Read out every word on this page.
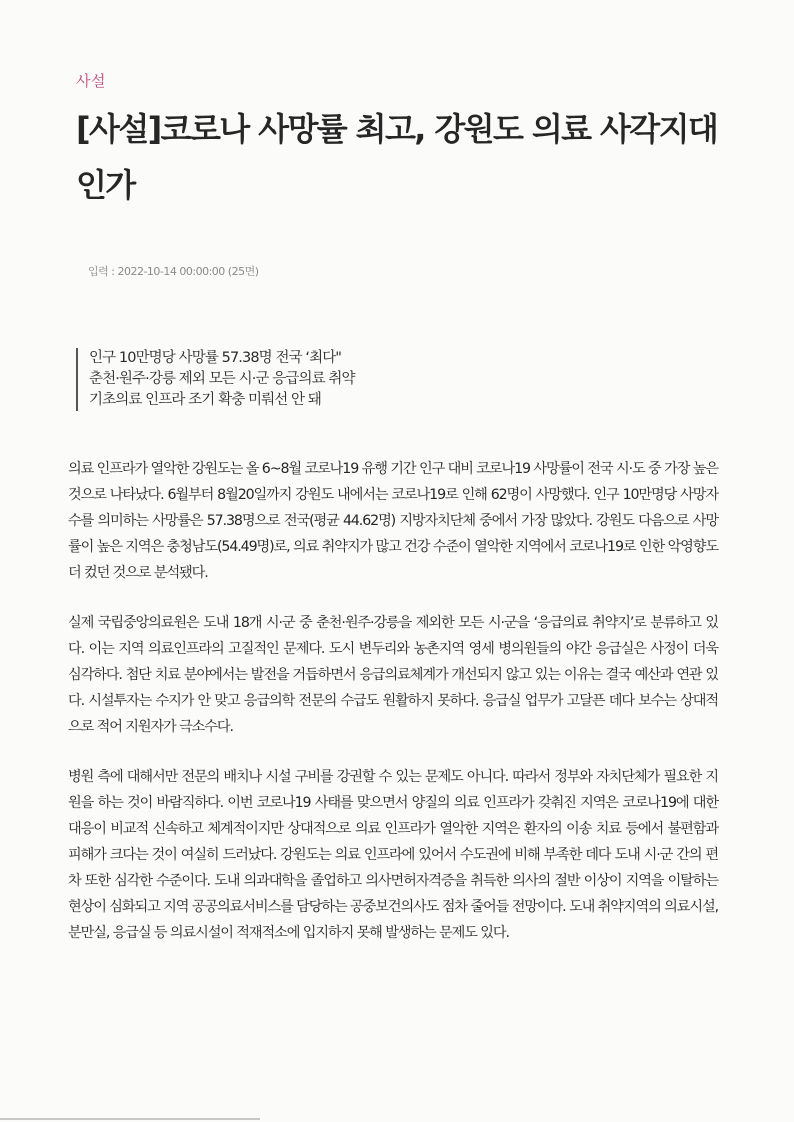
사설
[사설]코로나 사망률 최고, 강원도 의료 사각지대인가
입력 : 2022-10-14 00:00:00 (25면)
인구 10만명당 사망률 57.38명 전국 ‘최다"
춘천·원주·강릉 제외 모든 시·군 응급의료 취약
기초의료 인프라 조기 확충 미뤄선 안 돼

의료 인프라가 열악한 강원도는 올 6~8월 코로나19 유행 기간 인구 대비 코로나19 사망률이 전국 시·도 중 가장 높은 것으로 나타났다. 6월부터 8월20일까지 강원도 내에서는 코로나19로 인해 62명이 사망했다. 인구 10만명당 사망자 수를 의미하는 사망률은 57.38명으로 전국(평균 44.62명) 지방자치단체 중에서 가장 많았다. 강원도 다음으로 사망률이 높은 지역은 충청남도(54.49명)로, 의료 취약지가 많고 건강 수준이 열악한 지역에서 코로나19로 인한 악영향도 더 컸던 것으로 분석됐다.

실제 국립중앙의료원은 도내 18개 시·군 중 춘천·원주·강릉을 제외한 모든 시·군을 ‘응급의료 취약지’로 분류하고 있다. 이는 지역 의료인프라의 고질적인 문제다. 도시 변두리와 농촌지역 영세 병의원들의 야간 응급실은 사정이 더욱 심각하다. 첨단 치료 분야에서는 발전을 거듭하면서 응급의료체계가 개선되지 않고 있는 이유는 결국 예산과 연관 있다. 시설투자는 수지가 안 맞고 응급의학 전문의 수급도 원활하지 못하다. 응급실 업무가 고달픈 데다 보수는 상대적으로 적어 지원자가 극소수다.

병원 측에 대해서만 전문의 배치나 시설 구비를 강권할 수 있는 문제도 아니다. 따라서 정부와 자치단체가 필요한 지원을 하는 것이 바람직하다. 이번 코로나19 사태를 맞으면서 양질의 의료 인프라가 갖춰진 지역은 코로나19에 대한 대응이 비교적 신속하고 체계적이지만 상대적으로 의료 인프라가 열악한 지역은 환자의 이송 치료 등에서 불편함과 피해가 크다는 것이 여실히 드러났다. 강원도는 의료 인프라에 있어서 수도권에 비해 부족한 데다 도내 시·군 간의 편차 또한 심각한 수준이다. 도내 의과대학을 졸업하고 의사면허자격증을 취득한 의사의 절반 이상이 지역을 이탈하는 현상이 심화되고 지역 공공의료서비스를 담당하는 공중보건의사도 점차 줄어들 전망이다. 도내 취약지역의 의료시설, 분만실, 응급실 등 의료시설이 적재적소에 입지하지 못해 발생하는 문제도 있다.
